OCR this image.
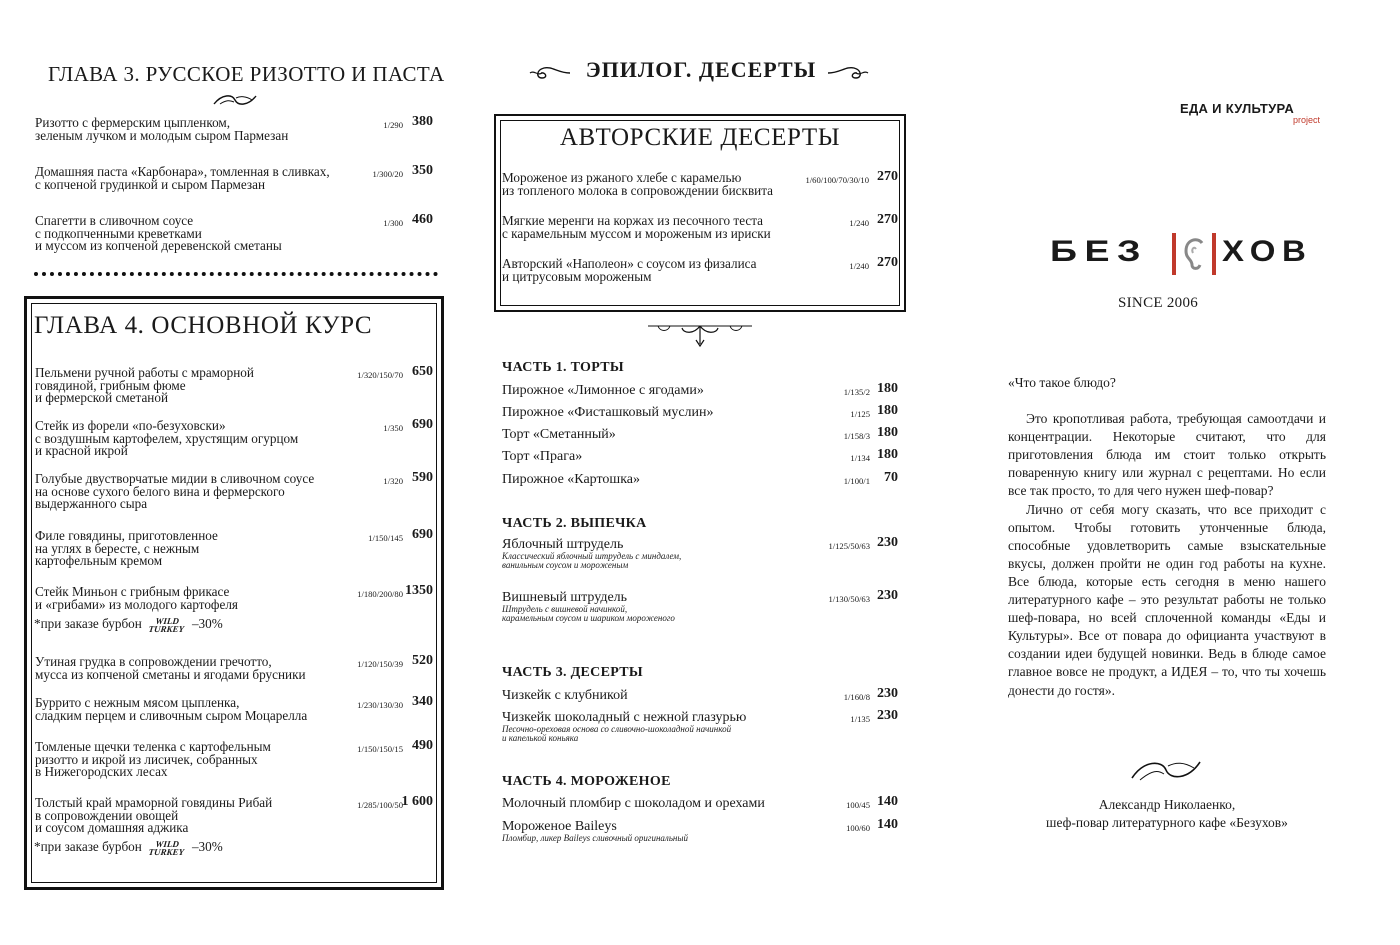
ГЛАВА 3. РУССКОЕ РИЗОТТО И ПАСТА
Ризотто с фермерским цыпленком,
зеленым лучком и молодым сыром Пармезан
1/290 380
Домашняя паста «Карбонара», томленная в сливках,
с копченой грудинкой и сыром Пармезан
1/300/20 350
Спагетти в сливочном соусе
с подкопченными креветками
и муссом из копченой деревенской сметаны
1/300 460
ГЛАВА 4. ОСНОВНОЙ КУРС
Пельмени ручной работы с мраморной
говядиной, грибным фюме
и фермерской сметаной
1/320/150/70 650
Стейк из форели «по-безуховски»
с воздушным картофелем, хрустящим огурцом
и красной икрой
1/350 690
Голубые двустворчатые мидии в сливочном соусе
на основе сухого белого вина и фермерского
выдержанного сыра
1/320 590
Филе говядины, приготовленное
на углях в бересте, с нежным
картофельным кремом
1/150/145 690
Стейк Миньон с грибным фрикасе
и «грибами» из молодого картофеля
1/180/200/80 1350
Утиная грудка в сопровождении гречотто,
мусса из копченой сметаны и ягодами брусники
1/120/150/39 520
Буррито с нежным мясом цыпленка,
сладким перцем и сливочным сыром Моцарелла
1/230/130/30 340
Томленые щечки теленка с картофельным
ризотто и икрой из лисичек, собранных
в Нижегородских лесах
1/150/150/15 490
Толстый край мраморной говядины Рибай
в сопровождении овощей
и соусом домашняя аджика
1/285/100/50
1 600
*при заказе бурбон WILD
TURKEY –30%
*при заказе бурбон WILD
TURKEY –30%
ЭПИЛОГ. ДЕСЕРТЫ
АВТОРСКИЕ ДЕСЕРТЫ
Мороженое из ржаного хлебе с карамелью
из топленого молока в сопровождении бисквита
1/60/100/70/30/10 270
Мягкие меренги на коржах из песочного теста
с карамельным муссом и мороженым из ириски
1/240 270
Авторский «Наполеон» с соусом из физалиса
и цитрусовым мороженым
1/240 270
ЧАСТЬ 1. ТОРТЫ
Пирожное «Лимонное с ягодами»	1/135/2 180
Пирожное «Фисташковый муслин»	1/125 180
Торт «Сметанный»	1/158/3 180
Торт «Прага»	1/134 180
Пирожное «Картошка»	1/100/1 70
ЧАСТЬ 2. ВЫПЕЧКА
Яблочный штрудель
Классический яблочный штрудель с миндалем,
ванильным соусом и мороженым
1/125/50/63 230
Вишневый штрудель
Штрудель с вишневой начинкой,
карамельным соусом и шариком мороженого
1/130/50/63 230
ЧАСТЬ 3. ДЕСЕРТЫ
Чизкейк с клубникой	1/160/8 230
Чизкейк шоколадный с нежной глазурью
Песочно-ореховая основа со сливочно-шоколадной начинкой
и капелькой коньяка
1/135 230
ЧАСТЬ 4. МОРОЖЕНОЕ
Молочный пломбир с шоколадом и орехами	100/45 140
Мороженое Baileys
Пломбир, ликер Baileys сливочный оригинальный
100/60 140
ЕДА И КУЛЬТУРА
project
БЕЗ ХОВ
SINCE 2006

«Что такое блюдо?

Это кропотливая работа, требующая самоотдачи и концентрации. Некоторые считают, что для приготовления блюда им стоит только открыть поваренную книгу или журнал с рецептами. Но если все так просто, то для чего нужен шеф-повар?

Лично от себя могу сказать, что все приходит с опытом. Чтобы готовить утонченные блюда, способные удовлетворить самые взыскательные вкусы, должен пройти не один год работы на кухне. Все блюда, которые есть сегодня в меню нашего литературного кафе – это результат работы не только шеф-повара, но всей сплоченной команды «Еды и Культуры». Все от повара до официанта участвуют в создании идеи будущей новинки. Ведь в блюде самое главное вовсе не продукт, а ИДЕЯ – то, что ты хочешь донести до гостя».

Александр Николаенко,
шеф-повар литературного кафе «Безухов»
